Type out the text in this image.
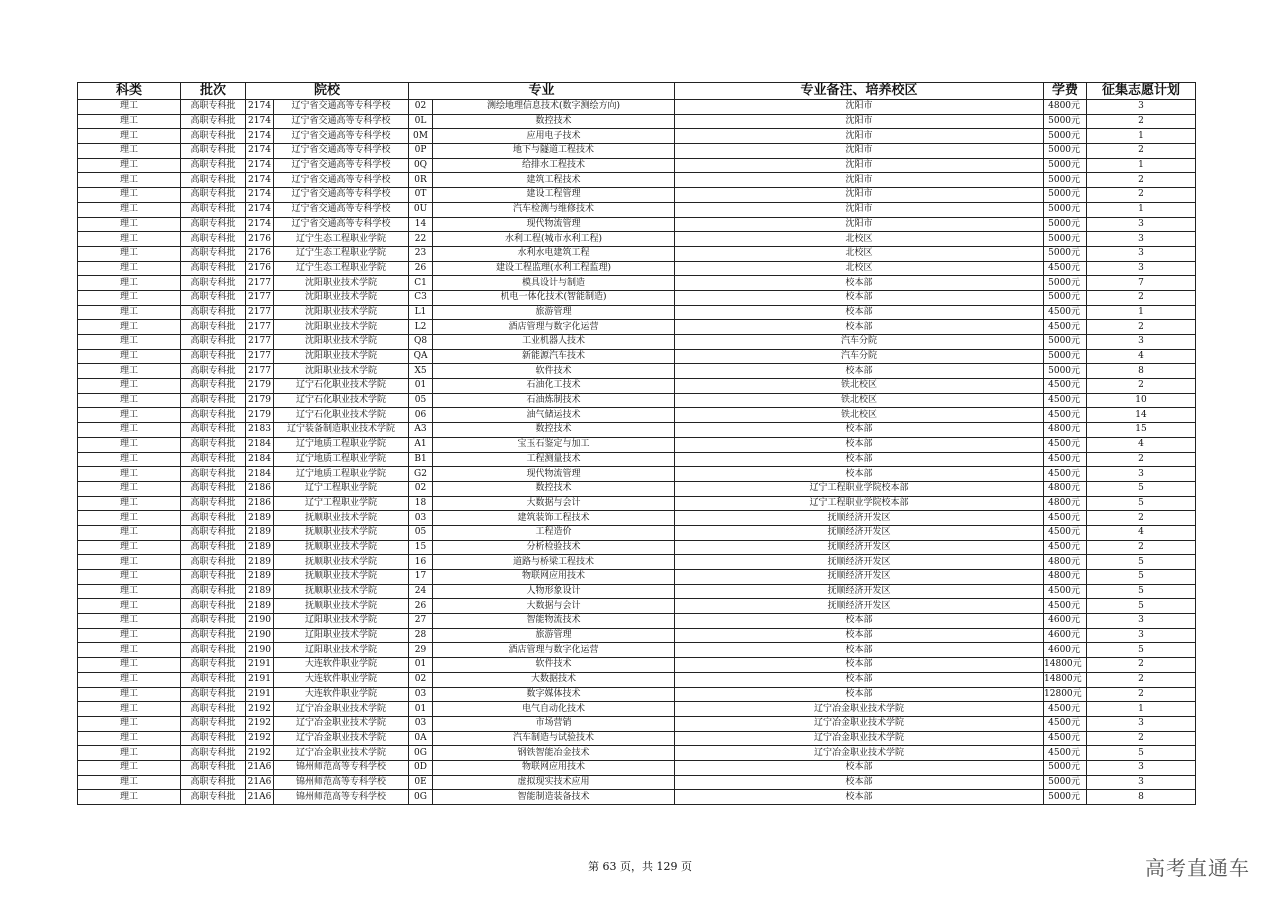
科类	批次	院校		专业		专业备注、培养校区	学费	征集志愿计划
理工	高职专科批	2174	辽宁省交通高等专科学校	02	测绘地理信息技术(数字测绘方向)	沈阳市	4800元	3
理工	高职专科批	2174	辽宁省交通高等专科学校	0L	数控技术	沈阳市	5000元	2
理工	高职专科批	2174	辽宁省交通高等专科学校	0M	应用电子技术	沈阳市	5000元	1
理工	高职专科批	2174	辽宁省交通高等专科学校	0P	地下与隧道工程技术	沈阳市	5000元	2
理工	高职专科批	2174	辽宁省交通高等专科学校	0Q	给排水工程技术	沈阳市	5000元	1
理工	高职专科批	2174	辽宁省交通高等专科学校	0R	建筑工程技术	沈阳市	5000元	2
理工	高职专科批	2174	辽宁省交通高等专科学校	0T	建设工程管理	沈阳市	5000元	2
理工	高职专科批	2174	辽宁省交通高等专科学校	0U	汽车检测与维修技术	沈阳市	5000元	1
理工	高职专科批	2174	辽宁省交通高等专科学校	14	现代物流管理	沈阳市	5000元	3
理工	高职专科批	2176	辽宁生态工程职业学院	22	水利工程(城市水利工程)	北校区	5000元	3
理工	高职专科批	2176	辽宁生态工程职业学院	23	水利水电建筑工程	北校区	5000元	3
理工	高职专科批	2176	辽宁生态工程职业学院	26	建设工程监理(水利工程监理)	北校区	4500元	3
理工	高职专科批	2177	沈阳职业技术学院	C1	模具设计与制造	校本部	5000元	7
理工	高职专科批	2177	沈阳职业技术学院	C3	机电一体化技术(智能制造)	校本部	5000元	2
理工	高职专科批	2177	沈阳职业技术学院	L1	旅游管理	校本部	4500元	1
理工	高职专科批	2177	沈阳职业技术学院	L2	酒店管理与数字化运营	校本部	4500元	2
理工	高职专科批	2177	沈阳职业技术学院	Q8	工业机器人技术	汽车分院	5000元	3
理工	高职专科批	2177	沈阳职业技术学院	QA	新能源汽车技术	汽车分院	5000元	4
理工	高职专科批	2177	沈阳职业技术学院	X5	软件技术	校本部	5000元	8
理工	高职专科批	2179	辽宁石化职业技术学院	01	石油化工技术	铁北校区	4500元	2
理工	高职专科批	2179	辽宁石化职业技术学院	05	石油炼制技术	铁北校区	4500元	10
理工	高职专科批	2179	辽宁石化职业技术学院	06	油气储运技术	铁北校区	4500元	14
理工	高职专科批	2183	辽宁装备制造职业技术学院	A3	数控技术	校本部	4800元	15
理工	高职专科批	2184	辽宁地质工程职业学院	A1	宝玉石鉴定与加工	校本部	4500元	4
理工	高职专科批	2184	辽宁地质工程职业学院	B1	工程测量技术	校本部	4500元	2
理工	高职专科批	2184	辽宁地质工程职业学院	G2	现代物流管理	校本部	4500元	3
理工	高职专科批	2186	辽宁工程职业学院	02	数控技术	辽宁工程职业学院校本部	4800元	5
理工	高职专科批	2186	辽宁工程职业学院	18	大数据与会计	辽宁工程职业学院校本部	4800元	5
理工	高职专科批	2189	抚顺职业技术学院	03	建筑装饰工程技术	抚顺经济开发区	4500元	2
理工	高职专科批	2189	抚顺职业技术学院	05	工程造价	抚顺经济开发区	4500元	4
理工	高职专科批	2189	抚顺职业技术学院	15	分析检验技术	抚顺经济开发区	4500元	2
理工	高职专科批	2189	抚顺职业技术学院	16	道路与桥梁工程技术	抚顺经济开发区	4800元	5
理工	高职专科批	2189	抚顺职业技术学院	17	物联网应用技术	抚顺经济开发区	4800元	5
理工	高职专科批	2189	抚顺职业技术学院	24	人物形象设计	抚顺经济开发区	4500元	5
理工	高职专科批	2189	抚顺职业技术学院	26	大数据与会计	抚顺经济开发区	4500元	5
理工	高职专科批	2190	辽阳职业技术学院	27	智能物流技术	校本部	4600元	3
理工	高职专科批	2190	辽阳职业技术学院	28	旅游管理	校本部	4600元	3
理工	高职专科批	2190	辽阳职业技术学院	29	酒店管理与数字化运营	校本部	4600元	5
理工	高职专科批	2191	大连软件职业学院	01	软件技术	校本部	14800元	2
理工	高职专科批	2191	大连软件职业学院	02	大数据技术	校本部	14800元	2
理工	高职专科批	2191	大连软件职业学院	03	数字媒体技术	校本部	12800元	2
理工	高职专科批	2192	辽宁冶金职业技术学院	01	电气自动化技术	辽宁冶金职业技术学院	4500元	1
理工	高职专科批	2192	辽宁冶金职业技术学院	03	市场营销	辽宁冶金职业技术学院	4500元	3
理工	高职专科批	2192	辽宁冶金职业技术学院	0A	汽车制造与试验技术	辽宁冶金职业技术学院	4500元	2
理工	高职专科批	2192	辽宁冶金职业技术学院	0G	钢铁智能冶金技术	辽宁冶金职业技术学院	4500元	5
理工	高职专科批	21A6	锦州师范高等专科学校	0D	物联网应用技术	校本部	5000元	3
理工	高职专科批	21A6	锦州师范高等专科学校	0E	虚拟现实技术应用	校本部	5000元	3
理工	高职专科批	21A6	锦州师范高等专科学校	0G	智能制造装备技术	校本部	5000元	8
第 63 页，共 129 页	高考直通车
